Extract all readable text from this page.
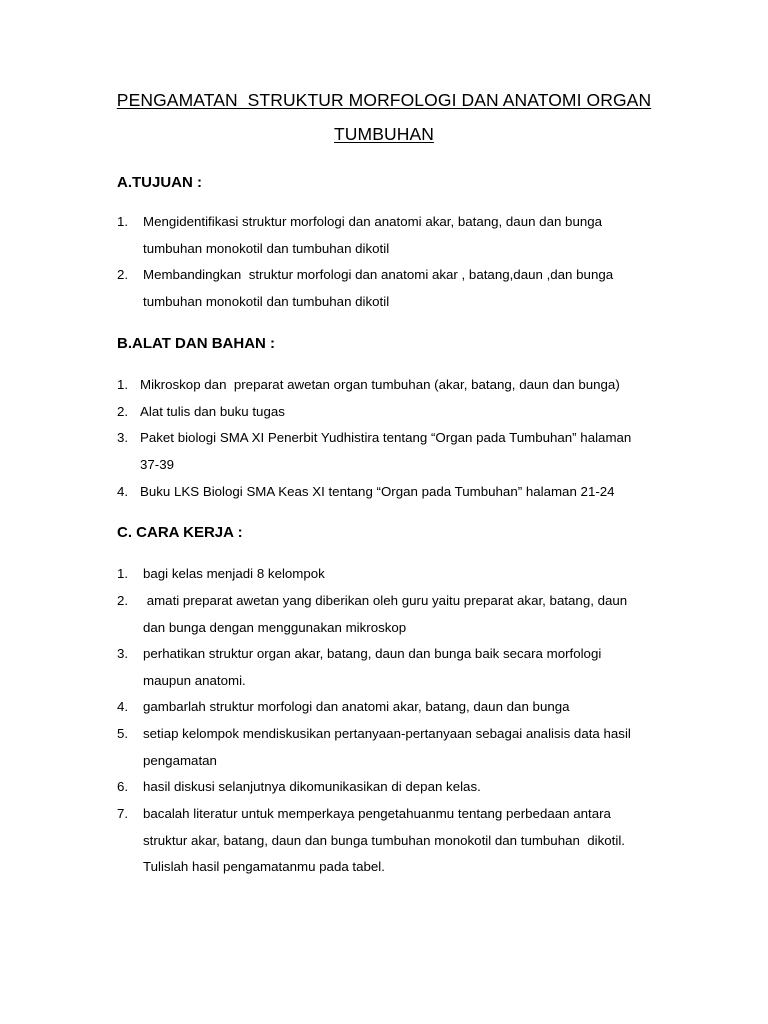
PENGAMATAN  STRUKTUR MORFOLOGI DAN ANATOMI ORGAN
TUMBUHAN
A.TUJUAN :
1. Mengidentifikasi struktur morfologi dan anatomi akar, batang, daun dan bunga
tumbuhan monokotil dan tumbuhan dikotil
2. Membandingkan  struktur morfologi dan anatomi akar , batang,daun ,dan bunga
tumbuhan monokotil dan tumbuhan dikotil
B.ALAT DAN BAHAN :
1. Mikroskop dan  preparat awetan organ tumbuhan (akar, batang, daun dan bunga)
2. Alat tulis dan buku tugas
3. Paket biologi SMA XI Penerbit Yudhistira tentang “Organ pada Tumbuhan” halaman
37-39
4. Buku LKS Biologi SMA Keas XI tentang “Organ pada Tumbuhan” halaman 21-24
C. CARA KERJA :
1. bagi kelas menjadi 8 kelompok
2. amati preparat awetan yang diberikan oleh guru yaitu preparat akar, batang, daun
dan bunga dengan menggunakan mikroskop
3. perhatikan struktur organ akar, batang, daun dan bunga baik secara morfologi
maupun anatomi.
4. gambarlah struktur morfologi dan anatomi akar, batang, daun dan bunga
5. setiap kelompok mendiskusikan pertanyaan-pertanyaan sebagai analisis data hasil
pengamatan
6. hasil diskusi selanjutnya dikomunikasikan di depan kelas.
7. bacalah literatur untuk memperkaya pengetahuanmu tentang perbedaan antara
struktur akar, batang, daun dan bunga tumbuhan monokotil dan tumbuhan  dikotil.
Tulislah hasil pengamatanmu pada tabel.
